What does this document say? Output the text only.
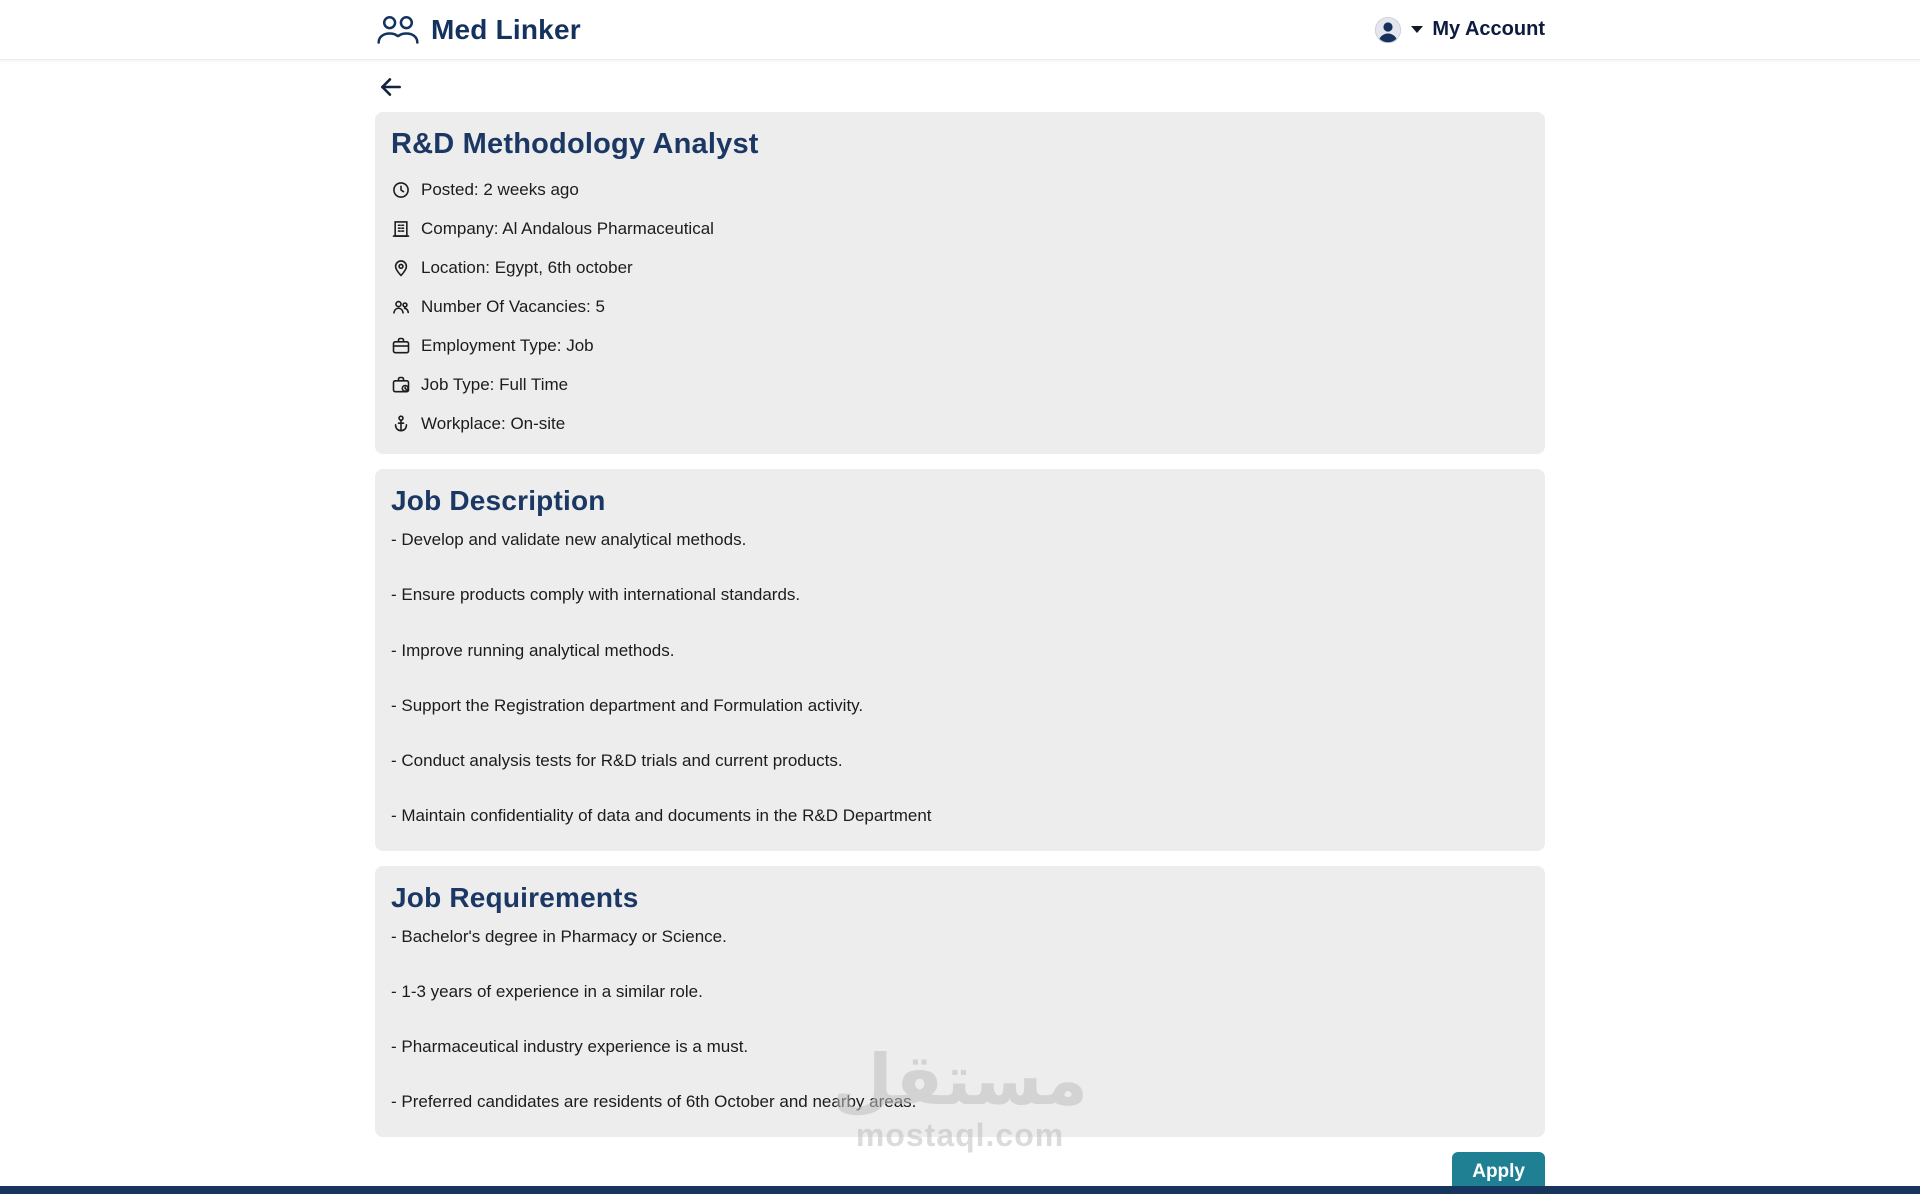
Med Linker	My Account
R&D Methodology Analyst
Posted: 2 weeks ago
Company: Al Andalous Pharmaceutical
Location: Egypt, 6th october
Number Of Vacancies: 5
Employment Type: Job
Job Type: Full Time
Workplace: On-site
Job Description

- Develop and validate new analytical methods.

- Ensure products comply with international standards.

- Improve running analytical methods.

- Support the Registration department and Formulation activity.

- Conduct analysis tests for R&D trials and current products.

- Maintain confidentiality of data and documents in the R&D Department

Job Requirements

- Bachelor's degree in Pharmacy or Science.

- 1-3 years of experience in a similar role.

- Pharmaceutical industry experience is a must.

- Preferred candidates are residents of 6th October and nearby areas.

Apply
مستقل
mostaql.com
